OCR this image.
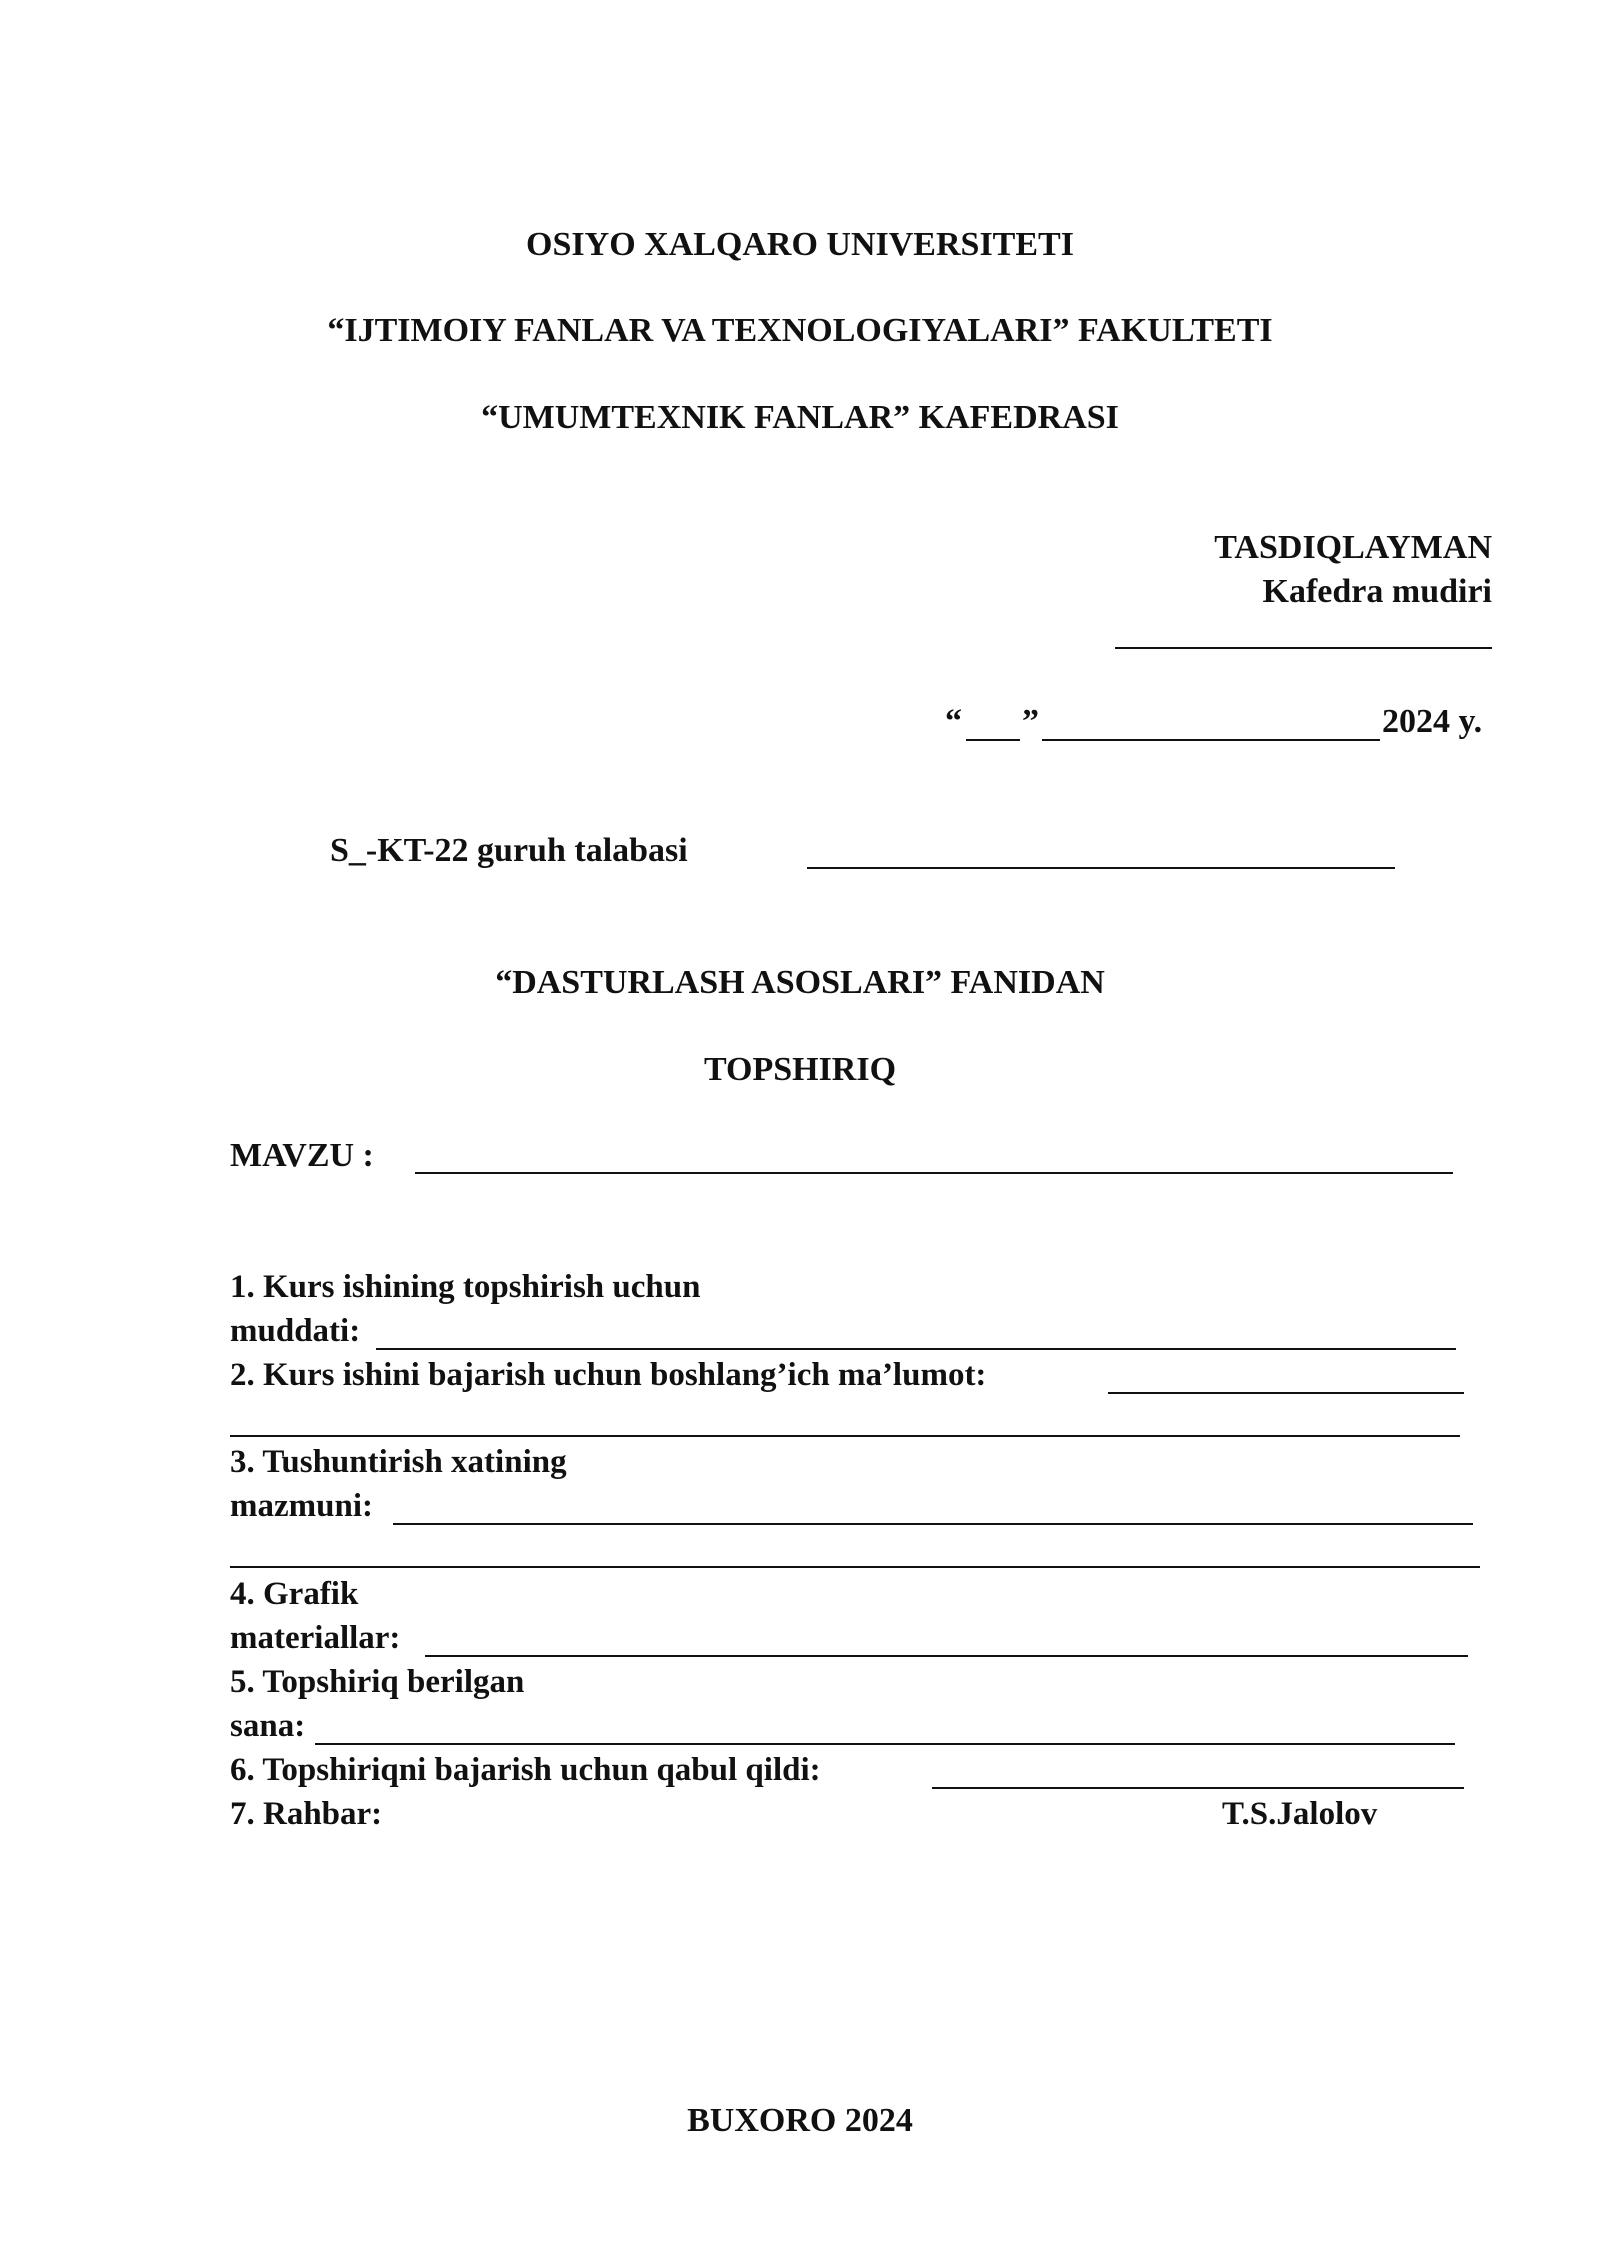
OSIYO XALQARO UNIVERSITETI
“IJTIMOIY FANLAR VA TEXNOLOGIYALARI” FAKULTETI
“UMUMTEXNIK FANLAR” KAFEDRASI
TASDIQLAYMAN
Kafedra mudiri
“ ”	2024 y.
S_-KT-22 guruh talabasi
“DASTURLASH ASOSLARI” FANIDAN
TOPSHIRIQ
MAVZU :
1. Kurs ishining topshirish uchun
muddati:
2. Kurs ishini bajarish uchun boshlang’ich ma’lumot:
3. Tushuntirish xatining
mazmuni:
4. Grafik
materiallar:
5. Topshiriq berilgan
sana:
6. Topshiriqni bajarish uchun qabul qildi:
7. Rahbar:	T.S.Jalolov
BUXORO 2024
